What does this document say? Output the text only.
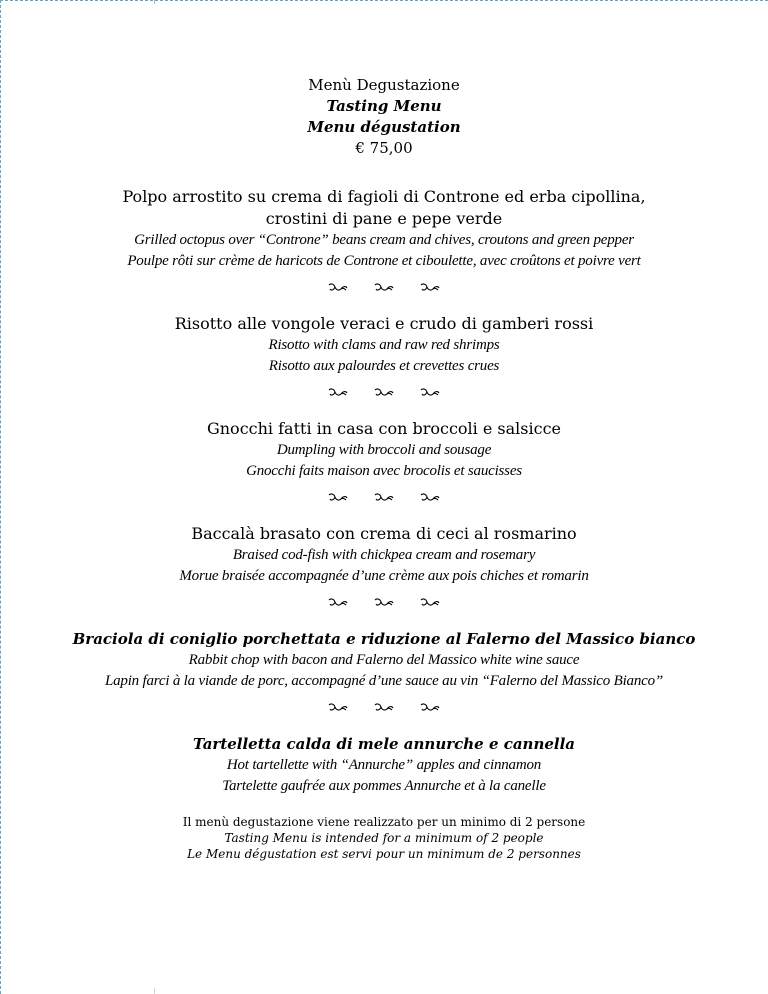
Menù Degustazione
Tasting Menu
Menu dégustation
€ 75,00
Polpo arrostito su crema di fagioli di Controne ed erba cipollina,
crostini di pane e pepe verde
Grilled octopus over “Controne” beans cream and chives, croutons and green pepper
Poulpe rôti sur crème de haricots de Controne et ciboulette, avec croûtons et poivre vert
Risotto alle vongole veraci e crudo di gamberi rossi
Risotto with clams and raw red shrimps
Risotto aux palourdes et crevettes crues
Gnocchi fatti in casa con broccoli e salsicce
Dumpling with broccoli and sousage
Gnocchi faits maison avec brocolis et saucisses
Baccalà brasato con crema di ceci al rosmarino
Braised cod-fish with chickpea cream and rosemary
Morue braisée accompagnée d’une crème aux pois chiches et romarin
Braciola di coniglio porchettata e riduzione al Falerno del Massico bianco
Rabbit chop with bacon and Falerno del Massico white wine sauce
Lapin farci à la viande de porc, accompagné d’une sauce au vin “Falerno del Massico Bianco”
Tartelletta calda di mele annurche e cannella
Hot tartellette with “Annurche” apples and cinnamon
Tartelette gaufrée aux pommes Annurche et à la canelle
Il menù degustazione viene realizzato per un minimo di 2 persone
Tasting Menu is intended for a minimum of 2 people
Le Menu dégustation est servi pour un minimum de 2 personnes
